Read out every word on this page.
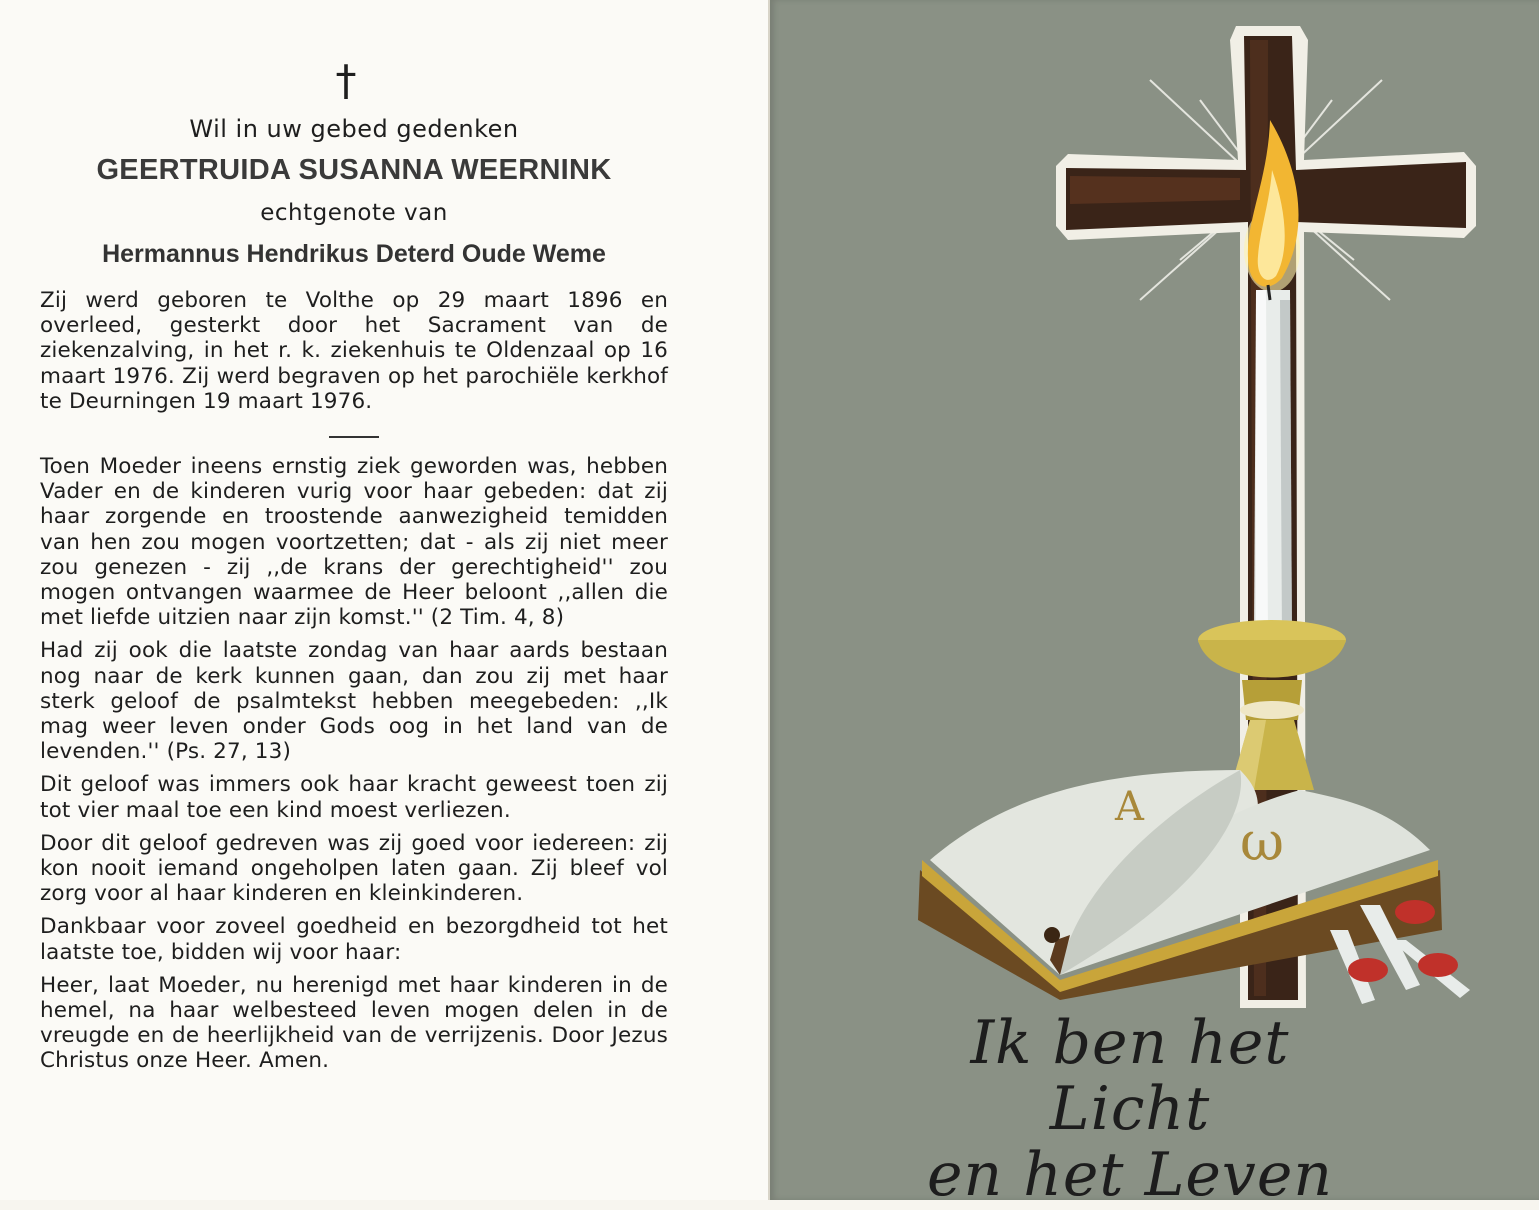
†
Wil in uw gebed gedenken
GEERTRUIDA SUSANNA WEERNINK
echtgenote van
Hermannus Hendrikus Deterd Oude Weme

Zij werd geboren te Volthe op 29 maart 1896 en overleed, gesterkt door het Sacrament van de ziekenzalving, in het r. k. ziekenhuis te Oldenzaal op 16 maart 1976. Zij werd begraven op het parochiële kerkhof te Deurningen 19 maart 1976.

Toen Moeder ineens ernstig ziek geworden was, hebben Vader en de kinderen vurig voor haar gebeden: dat zij haar zorgende en troostende aanwezigheid temidden van hen zou mogen voortzetten; dat - als zij niet meer zou genezen - zij ,,de krans der gerechtigheid'' zou mogen ontvangen waarmee de Heer beloont ,,allen die met liefde uitzien naar zijn komst.'' (2 Tim. 4, 8)

Had zij ook die laatste zondag van haar aards bestaan nog naar de kerk kunnen gaan, dan zou zij met haar sterk geloof de psalmtekst hebben meegebeden: ,,Ik mag weer leven onder Gods oog in het land van de levenden.'' (Ps. 27, 13)

Dit geloof was immers ook haar kracht geweest toen zij tot vier maal toe een kind moest verliezen.

Door dit geloof gedreven was zij goed voor iedereen: zij kon nooit iemand ongeholpen laten gaan. Zij bleef vol zorg voor al haar kinderen en kleinkinderen.

Dankbaar voor zoveel goedheid en bezorgdheid tot het laatste toe, bidden wij voor haar:

Heer, laat Moeder, nu herenigd met haar kinderen in de hemel, na haar welbesteed leven mogen delen in de vreugde en de heerlijkheid van de verrijzenis. Door Jezus Christus onze Heer. Amen.

A
ω
Ik ben het Licht
en het Leven
